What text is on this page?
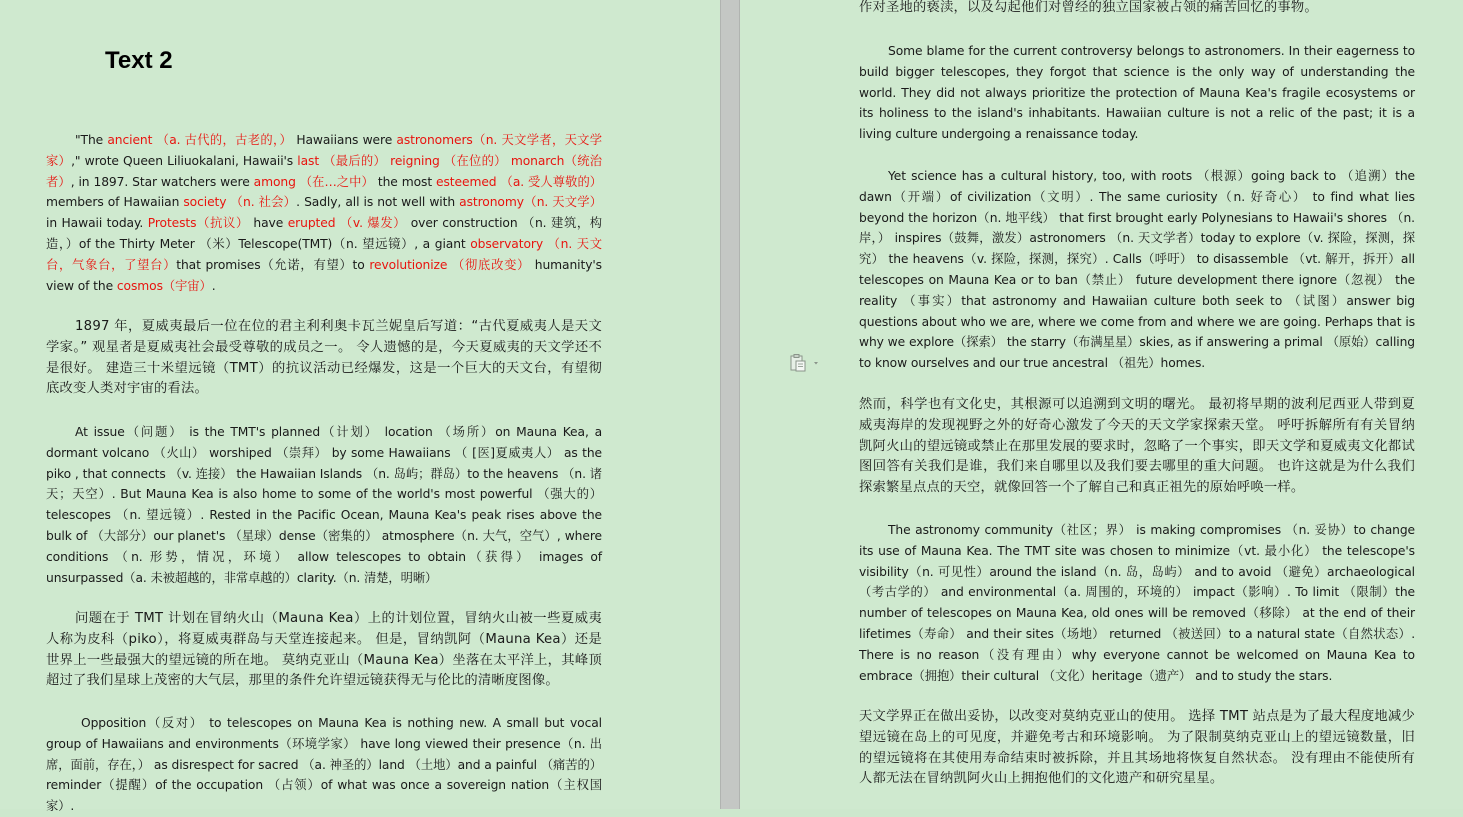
Text 2

"The ancient （a. 古代的，古老的，） Hawaiians were astronomers（n. 天文学者，天文学家）," wrote Queen Liliuokalani, Hawaii's last （最后的） reigning （在位的） monarch（统治者）, in 1897. Star watchers were among （在…之中） the most esteemed （a. 受人尊敬的） members of Hawaiian society （n. 社会）. Sadly, all is not well with astronomy（n. 天文学） in Hawaii today. Protests（抗议） have erupted （v. 爆发） over construction （n. 建筑，构造，）of the Thirty Meter （米）Telescope(TMT)（n. 望远镜）, a giant observatory （n. 天文台，气象台，了望台）that promises（允诺，有望）to revolutionize （彻底改变） humanity's view of the cosmos（宇宙）.

1897 年，夏威夷最后一位在位的君主利利奥卡瓦兰妮皇后写道：“古代夏威夷人是天文学家。” 观星者是夏威夷社会最受尊敬的成员之一。 令人遗憾的是，今天夏威夷的天文学还不是很好。 建造三十米望远镜（TMT）的抗议活动已经爆发，这是一个巨大的天文台，有望彻底改变人类对宇宙的看法。

At issue（问题） is the TMT's planned（计划） location （场所）on Mauna Kea, a dormant volcano （火山） worshiped （崇拜） by some Hawaiians （ [医]夏威夷人） as the piko , that connects （v. 连接） the Hawaiian Islands （n. 岛屿；群岛）to the heavens （n. 诸天；天空）. But Mauna Kea is also home to some of the world's most powerful （强大的）telescopes （n. 望远镜）. Rested in the Pacific Ocean, Mauna Kea's peak rises above the bulk of （大部分）our planet's （星球）dense（密集的） atmosphere（n. 大气，空气）, where conditions （n. 形势，情况，环境） allow telescopes to obtain（获得） images of unsurpassed（a. 未被超越的，非常卓越的）clarity.（n. 清楚，明晰）

问题在于 TMT 计划在冒纳火山（Mauna Kea）上的计划位置，冒纳火山被一些夏威夷人称为皮科（piko），将夏威夷群岛与天堂连接起来。 但是，冒纳凯阿（Mauna Kea）还是世界上一些最强大的望远镜的所在地。 莫纳克亚山（Mauna Kea）坐落在太平洋上，其峰顶超过了我们星球上茂密的大气层，那里的条件允许望远镜获得无与伦比的清晰度图像。

Opposition（反对） to telescopes on Mauna Kea is nothing new. A small but vocal group of Hawaiians and environments（环境学家） have long viewed their presence（n. 出席，面前，存在，） as disrespect for sacred （a. 神圣的）land （土地）and a painful （痛苦的）reminder（提醒）of the occupation （占领）of what was once a sovereign nation（主权国家）.

作对圣地的亵渎，以及勾起他们对曾经的独立国家被占领的痛苦回忆的事物。

Some blame for the current controversy belongs to astronomers. In their eagerness to build bigger telescopes, they forgot that science is the only way of understanding the world. They did not always prioritize the protection of Mauna Kea's fragile ecosystems or its holiness to the island's inhabitants. Hawaiian culture is not a relic of the past; it is a living culture undergoing a renaissance today.

Yet science has a cultural history, too, with roots （根源）going back to （追溯）the dawn（开端）of civilization（文明）. The same curiosity（n. 好奇心） to find what lies beyond the horizon（n. 地平线） that first brought early Polynesians to Hawaii's shores （n. 岸，） inspires（鼓舞，激发）astronomers （n. 天文学者）today to explore（v. 探险，探测，探究） the heavens（v. 探险，探测，探究）. Calls（呼吁） to disassemble （vt. 解开，拆开）all telescopes on Mauna Kea or to ban（禁止） future development there ignore（忽视） the reality （事实）that astronomy and Hawaiian culture both seek to （试图）answer big questions about who we are, where we come from and where we are going. Perhaps that is why we explore（探索） the starry（布满星星）skies, as if answering a primal （原始）calling to know ourselves and our true ancestral （祖先）homes.

然而，科学也有文化史，其根源可以追溯到文明的曙光。 最初将早期的波利尼西亚人带到夏威夷海岸的发现视野之外的好奇心激发了今天的天文学家探索天堂。 呼吁拆解所有有关冒纳凯阿火山的望远镜或禁止在那里发展的要求时，忽略了一个事实，即天文学和夏威夷文化都试图回答有关我们是谁，我们来自哪里以及我们要去哪里的重大问题。 也许这就是为什么我们探索繁星点点的天空，就像回答一个了解自己和真正祖先的原始呼唤一样。

The astronomy community（社区；界） is making compromises （n. 妥协）to change its use of Mauna Kea. The TMT site was chosen to minimize（vt. 最小化） the telescope's visibility（n. 可见性）around the island（n. 岛，岛屿） and to avoid （避免）archaeological（考古学的） and environmental（a. 周围的，环境的） impact（影响）. To limit （限制）the number of telescopes on Mauna Kea, old ones will be removed（移除） at the end of their lifetimes（寿命） and their sites（场地） returned （被送回）to a natural state（自然状态）. There is no reason（没有理由）why everyone cannot be welcomed on Mauna Kea to embrace（拥抱）their cultural （文化）heritage（遗产） and to study the stars.

天文学界正在做出妥协，以改变对莫纳克亚山的使用。 选择 TMT 站点是为了最大程度地减少望远镜在岛上的可见度，并避免考古和环境影响。 为了限制莫纳克亚山上的望远镜数量，旧的望远镜将在其使用寿命结束时被拆除，并且其场地将恢复自然状态。 没有理由不能使所有人都无法在冒纳凯阿火山上拥抱他们的文化遗产和研究星星。
